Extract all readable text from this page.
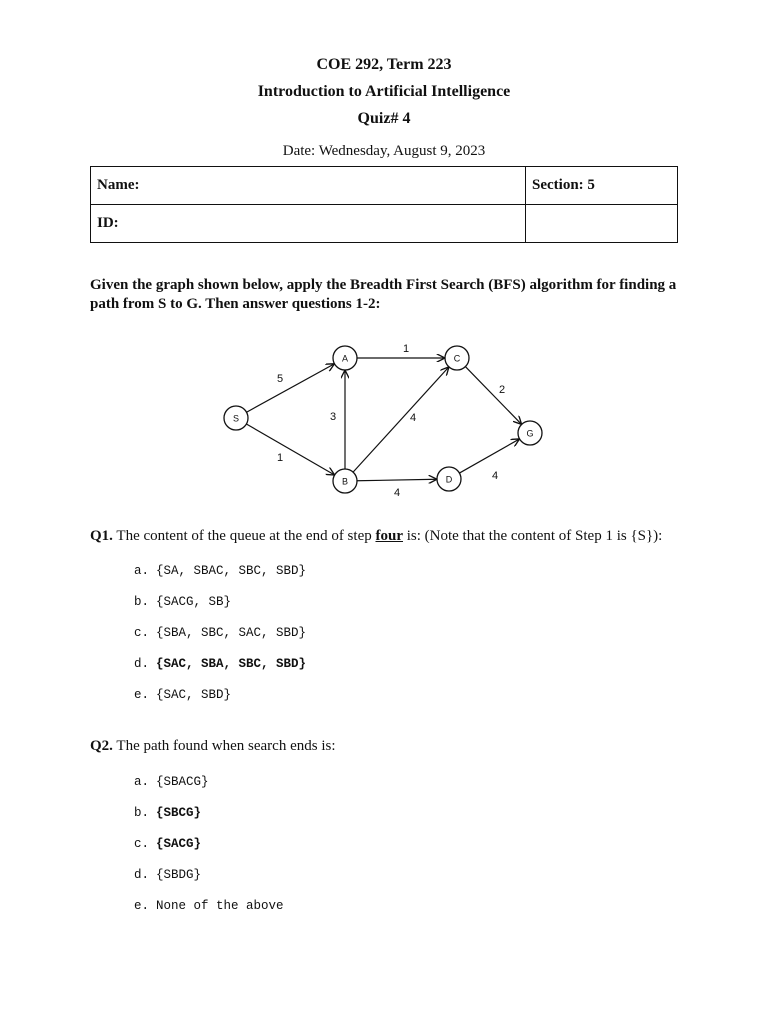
COE 292, Term 223
Introduction to Artificial Intelligence
Quiz# 4
Date: Wednesday, August 9, 2023
Name:	Section: 5
ID:	
Given the graph shown below, apply the Breadth First Search (BFS) algorithm for finding a path from S to G. Then answer questions 1-2:
5
1
3
1
4
4
2
4
S
A
B
C
D
G
Q1. The content of the queue at the end of step four is: (Note that the content of Step 1 is {S}):
a. {SA, SBAC, SBC, SBD}
b. {SACG, SB}
c. {SBA, SBC, SAC, SBD}
d. {SAC, SBA, SBC, SBD}
e. {SAC, SBD}
Q2. The path found when search ends is:
a. {SBACG}
b. {SBCG}
c. {SACG}
d. {SBDG}
e. None of the above
